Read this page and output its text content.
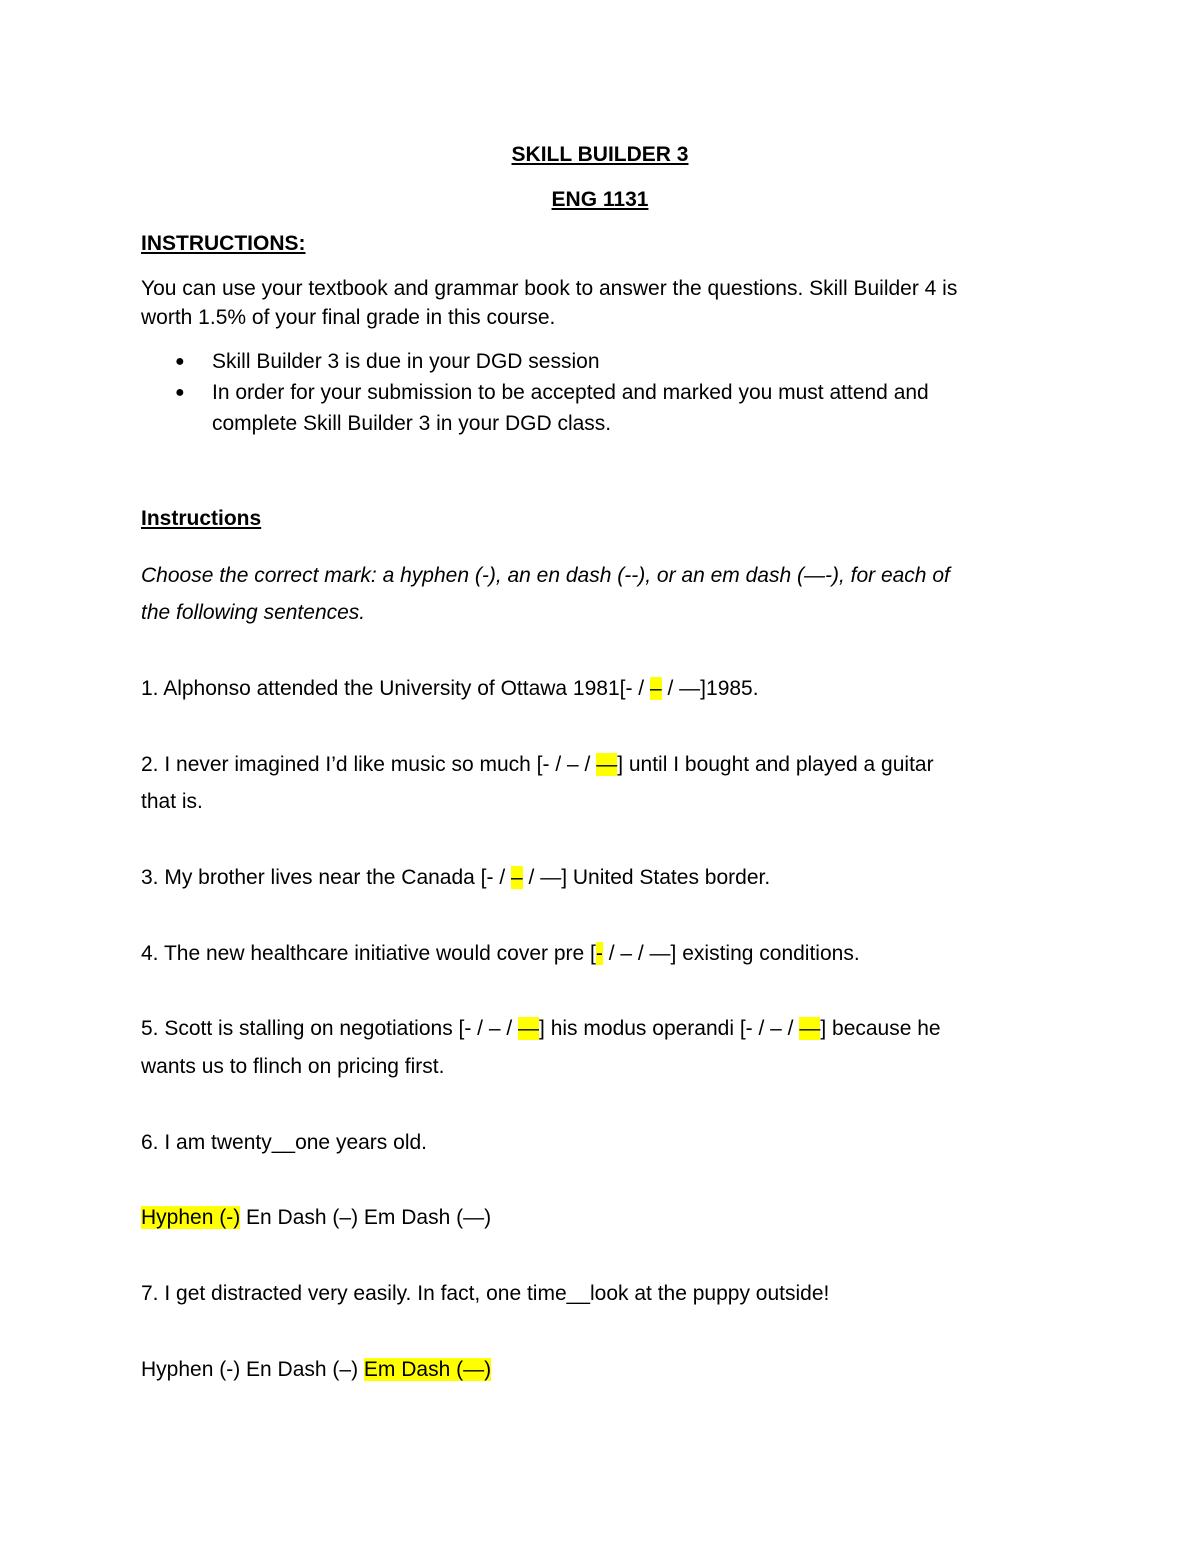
SKILL BUILDER 3

ENG 1131

INSTRUCTIONS:

You can use your textbook and grammar book to answer the questions. Skill Builder 4 is

worth 1.5% of your final grade in this course.

● Skill Builder 3 is due in your DGD session

● In order for your submission to be accepted and marked you must attend and

complete Skill Builder 3 in your DGD class.

Instructions

Choose the correct mark: a hyphen (-), an en dash (--), or an em dash (—-), for each of

the following sentences.

1. Alphonso attended the University of Ottawa 1981[- / – / —]1985.

2. I never imagined I’d like music so much [- / – / —] until I bought and played a guitar

that is.

3. My brother lives near the Canada [- / – / —] United States border.

4. The new healthcare initiative would cover pre [- / – / —] existing conditions.

5. Scott is stalling on negotiations [- / – / —] his modus operandi [- / – / —] because he

wants us to flinch on pricing first.

6. I am twenty__one years old.

Hyphen (-) En Dash (–) Em Dash (—)

7. I get distracted very easily. In fact, one time__look at the puppy outside!

Hyphen (-) En Dash (–) Em Dash (—)
